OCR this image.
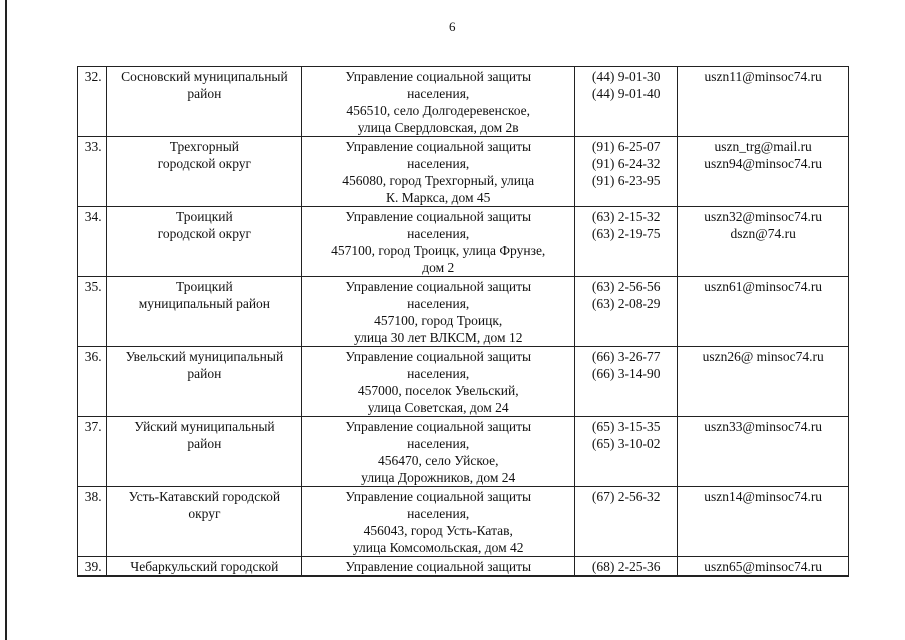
6
32.	Сосновский муниципальный
район	Управление социальной защиты
населения,
456510, село Долгодеревенское,
улица Свердловская, дом 2в	(44) 9-01-30
(44) 9-01-40	uszn11@minsoc74.ru

33.	Трехгорный
городской округ	Управление социальной защиты
населения,
456080, город Трехгорный, улица
К. Маркса, дом 45	(91) 6-25-07
(91) 6-24-32
(91) 6-23-95	uszn_trg@mail.ru
uszn94@minsoc74.ru

34.	Троицкий
городской округ	Управление социальной защиты
населения,
457100, город Троицк, улица Фрунзе,
дом 2	(63) 2-15-32
(63) 2-19-75	uszn32@minsoc74.ru
dszn@74.ru

35.	Троицкий
муниципальный район	Управление социальной защиты
населения,
457100, город Троицк,
улица 30 лет ВЛКСМ, дом 12	(63) 2-56-56
(63) 2-08-29	uszn61@minsoc74.ru

36.	Увельский муниципальный
район	Управление социальной защиты
населения,
457000, поселок Увельский,
улица Советская, дом 24	(66) 3-26-77
(66) 3-14-90	uszn26@ minsoc74.ru

37.	Уйский муниципальный
район	Управление социальной защиты
населения,
456470, село Уйское,
улица Дорожников, дом 24	(65) 3-15-35
(65) 3-10-02	uszn33@minsoc74.ru

38.	Усть-Катавский городской
округ	Управление социальной защиты
населения,
456043, город Усть-Катав,
улица Комсомольская, дом 42	(67) 2-56-32	uszn14@minsoc74.ru

39.	Чебаркульский городской	Управление социальной защиты	(68) 2-25-36	uszn65@minsoc74.ru
